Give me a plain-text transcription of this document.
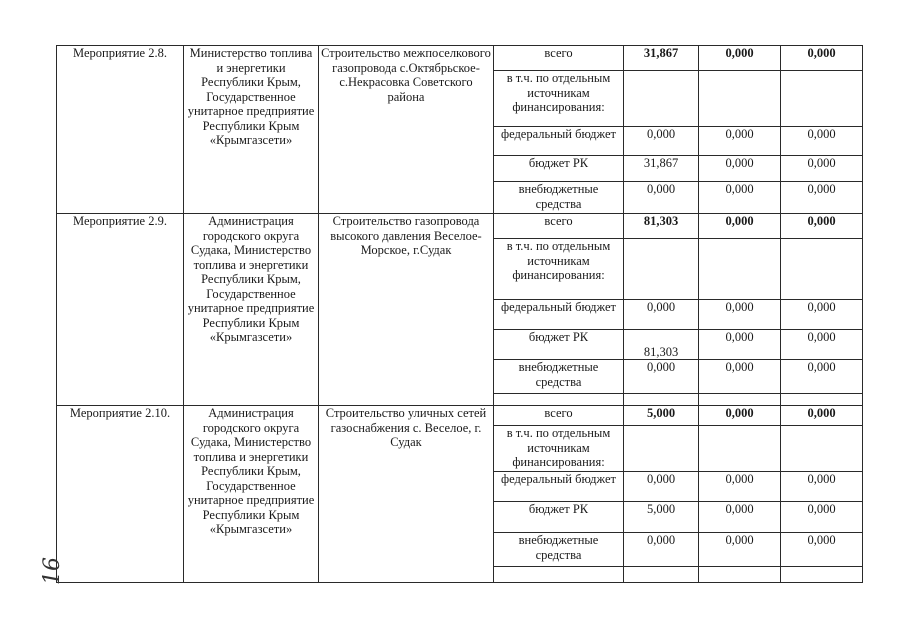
Мероприятие 2.8.	Министерство топлива и энергетики Республики Крым, Государственное унитарное предприятие Республики Крым «Крымгазсети»	Строительство межпоселкового газопровода с.Октябрьское-с.Некрасовка Советского района	всего	31,867	0,000	0,000
			в т.ч. по отдельным источникам финансирования:			
			федеральный бюджет	0,000	0,000	0,000
			бюджет РК	31,867	0,000	0,000
			внебюджетные средства	0,000	0,000	0,000
Мероприятие 2.9.	Администрация городского округа Судака, Министерство топлива и энергетики Республики Крым, Государственное унитарное предприятие Республики Крым «Крымгазсети»	Строительство газопровода высокого давления Веселое-Морское, г.Судак	всего	81,303	0,000	0,000
			в т.ч. по отдельным источникам финансирования:			
			федеральный бюджет	0,000	0,000	0,000
			бюджет РК	81,303	0,000	0,000
			внебюджетные средства	0,000	0,000	0,000

Мероприятие 2.10.	Администрация городского округа Судака, Министерство топлива и энергетики Республики Крым, Государственное унитарное предприятие Республики Крым «Крымгазсети»	Строительство уличных сетей газоснабжения с. Веселое, г. Судак	всего	5,000	0,000	0,000
			в т.ч. по отдельным источникам финансирования:			
			федеральный бюджет	0,000	0,000	0,000
			бюджет РК	5,000	0,000	0,000
			внебюджетные средства	0,000	0,000	0,000

16
